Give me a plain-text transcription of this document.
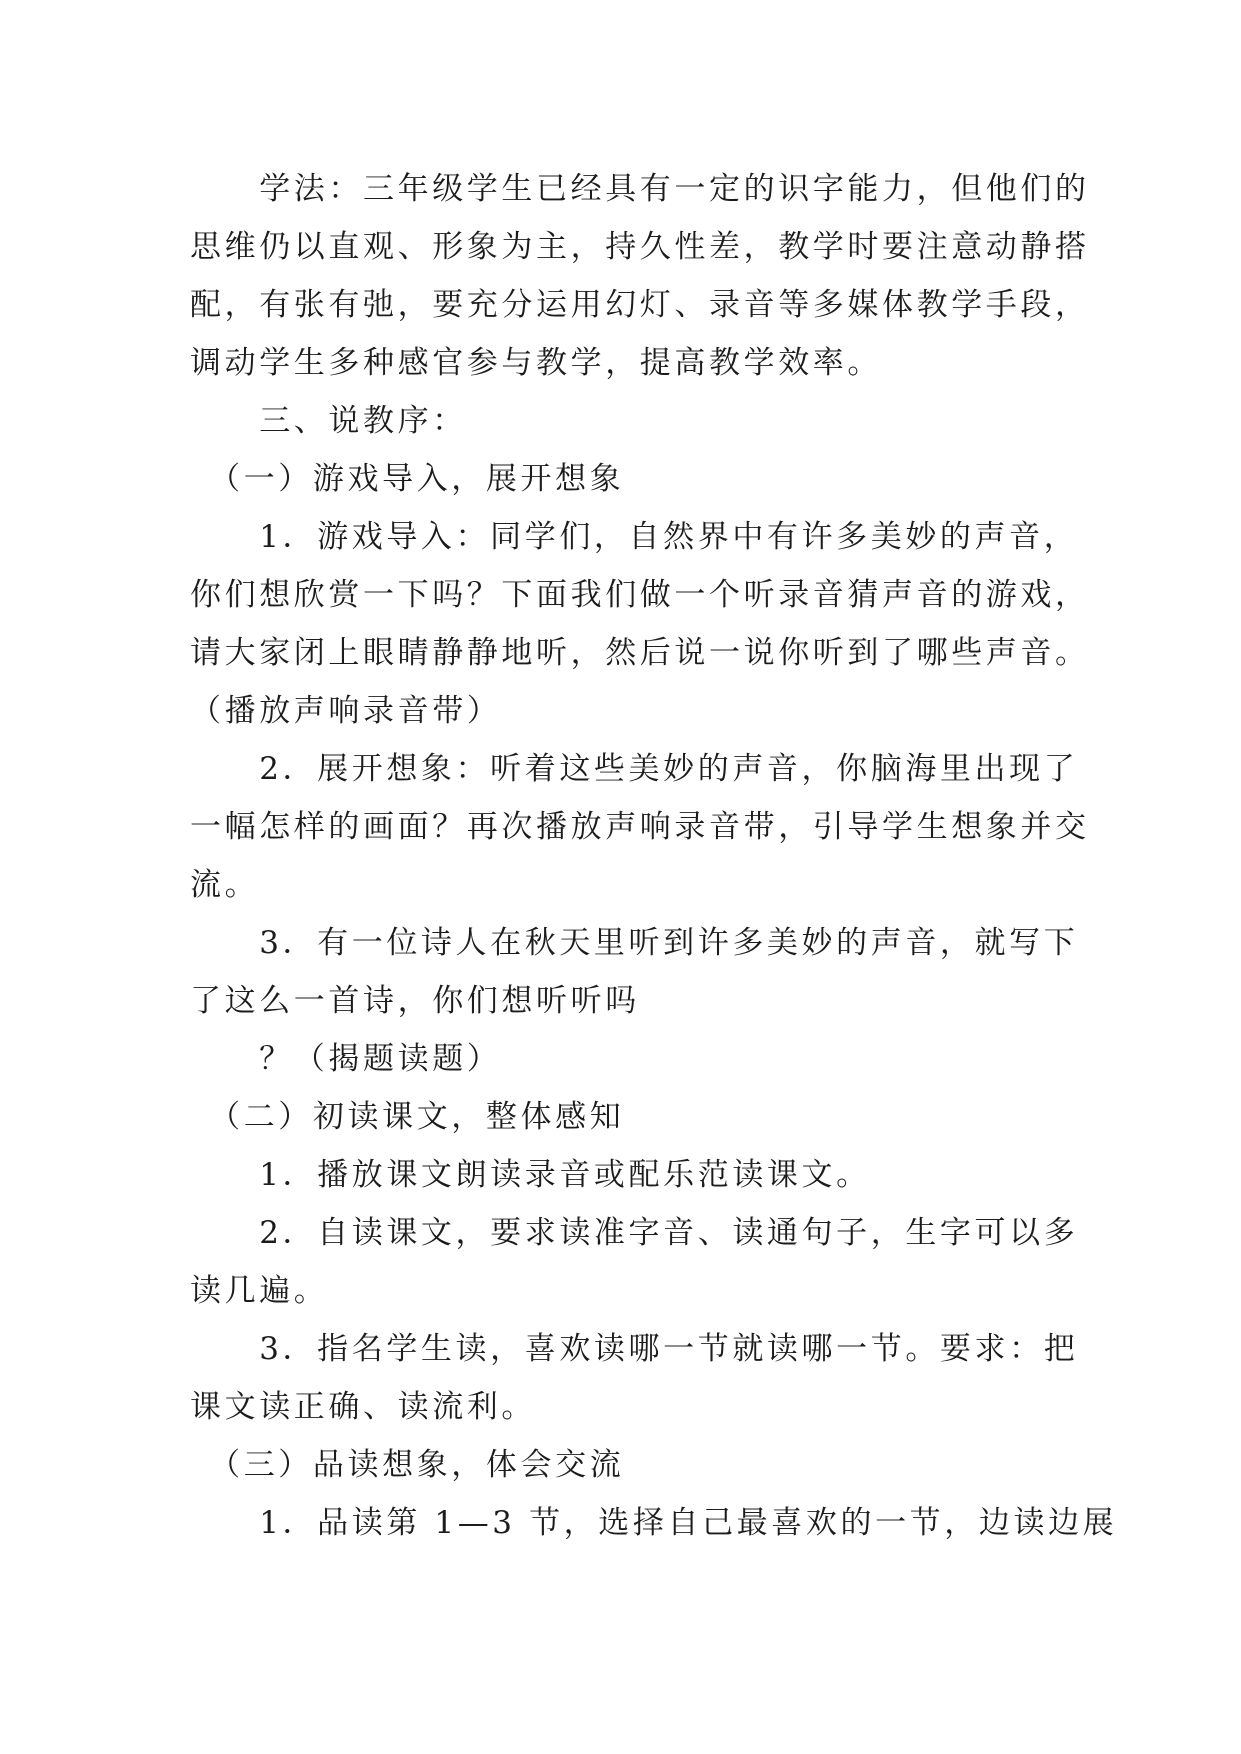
　　学法：三年级学生已经具有一定的识字能力，但他们的
思维仍以直观、形象为主，持久性差，教学时要注意动静搭
配，有张有弛，要充分运用幻灯、录音等多媒体教学手段，
调动学生多种感官参与教学，提高教学效率。
　　三、说教序：
　（一）游戏导入，展开想象
　　1．游戏导入：同学们，自然界中有许多美妙的声音，
你们想欣赏一下吗？下面我们做一个听录音猜声音的游戏，
请大家闭上眼睛静静地听，然后说一说你听到了哪些声音。
（播放声响录音带）
　　2．展开想象：听着这些美妙的声音，你脑海里出现了
一幅怎样的画面？再次播放声响录音带，引导学生想象并交
流。
　　3．有一位诗人在秋天里听到许多美妙的声音，就写下
了这么一首诗，你们想听听吗
　　？（揭题读题）
　（二）初读课文，整体感知
　　1．播放课文朗读录音或配乐范读课文。
　　2．自读课文，要求读准字音、读通句子，生字可以多
读几遍。
　　3．指名学生读，喜欢读哪一节就读哪一节。要求：把
课文读正确、读流利。
　（三）品读想象，体会交流
　　1．品读第 1—3 节，选择自己最喜欢的一节，边读边展
